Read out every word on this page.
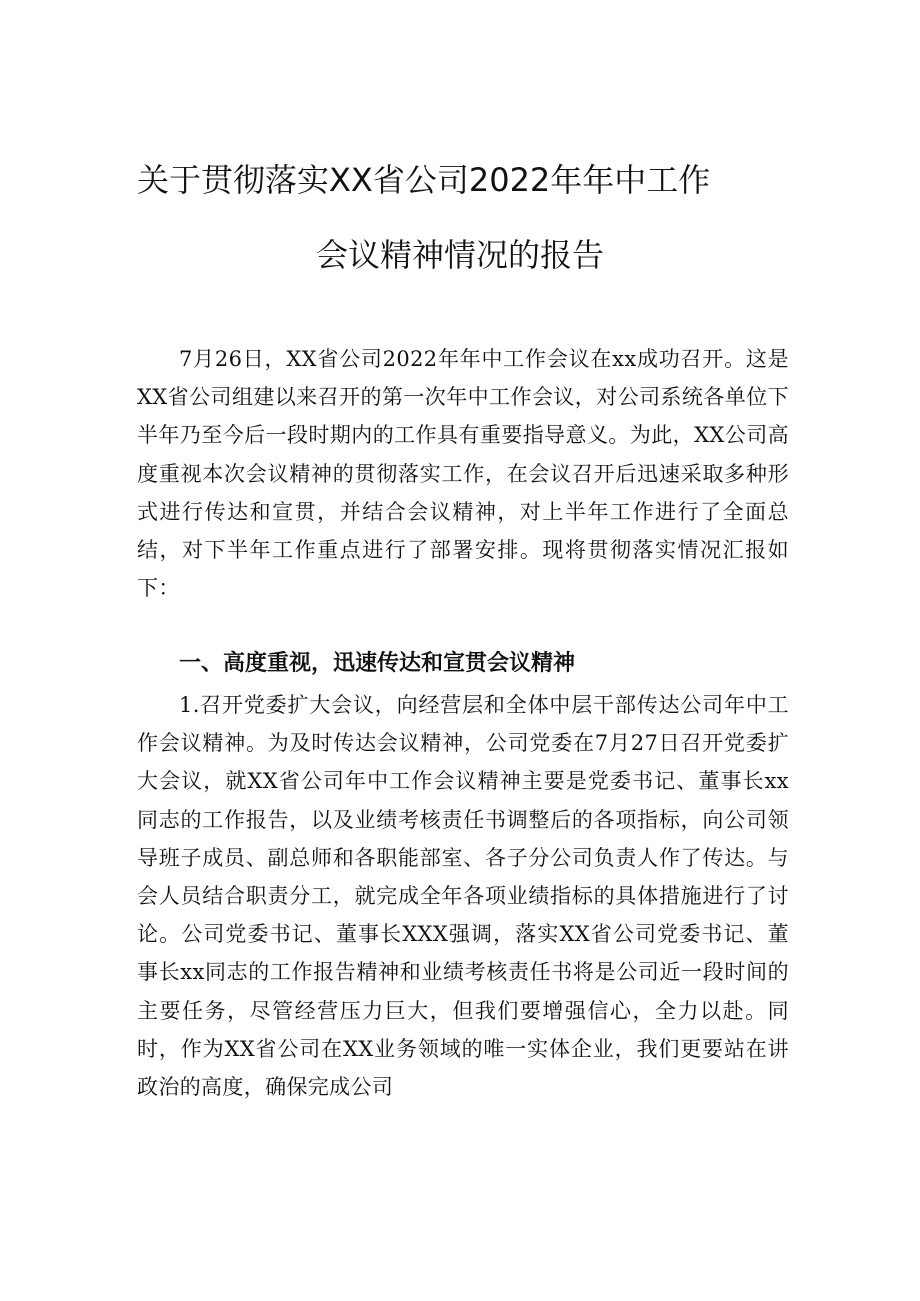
关于贯彻落实XX省公司2022年年中工作
会议精神情况的报告

7月26日，XX省公司2022年年中工作会议在xx成功召开。这是XX省公司组建以来召开的第一次年中工作会议，对公司系统各单位下半年乃至今后一段时期内的工作具有重要指导意义。为此，XX公司高度重视本次会议精神的贯彻落实工作，在会议召开后迅速采取多种形式进行传达和宣贯，并结合会议精神，对上半年工作进行了全面总结，对下半年工作重点进行了部署安排。现将贯彻落实情况汇报如下：

一、高度重视，迅速传达和宣贯会议精神

1.召开党委扩大会议，向经营层和全体中层干部传达公司年中工作会议精神。为及时传达会议精神，公司党委在7月27日召开党委扩大会议，就XX省公司年中工作会议精神主要是党委书记、董事长xx同志的工作报告，以及业绩考核责任书调整后的各项指标，向公司领导班子成员、副总师和各职能部室、各子分公司负责人作了传达。与会人员结合职责分工，就完成全年各项业绩指标的具体措施进行了讨论。公司党委书记、董事长XXX强调，落实XX省公司党委书记、董事长xx同志的工作报告精神和业绩考核责任书将是公司近一段时间的主要任务，尽管经营压力巨大，但我们要增强信心，全力以赴。同时，作为XX省公司在XX业务领域的唯一实体企业，我们更要站在讲政治的高度，确保完成公司
